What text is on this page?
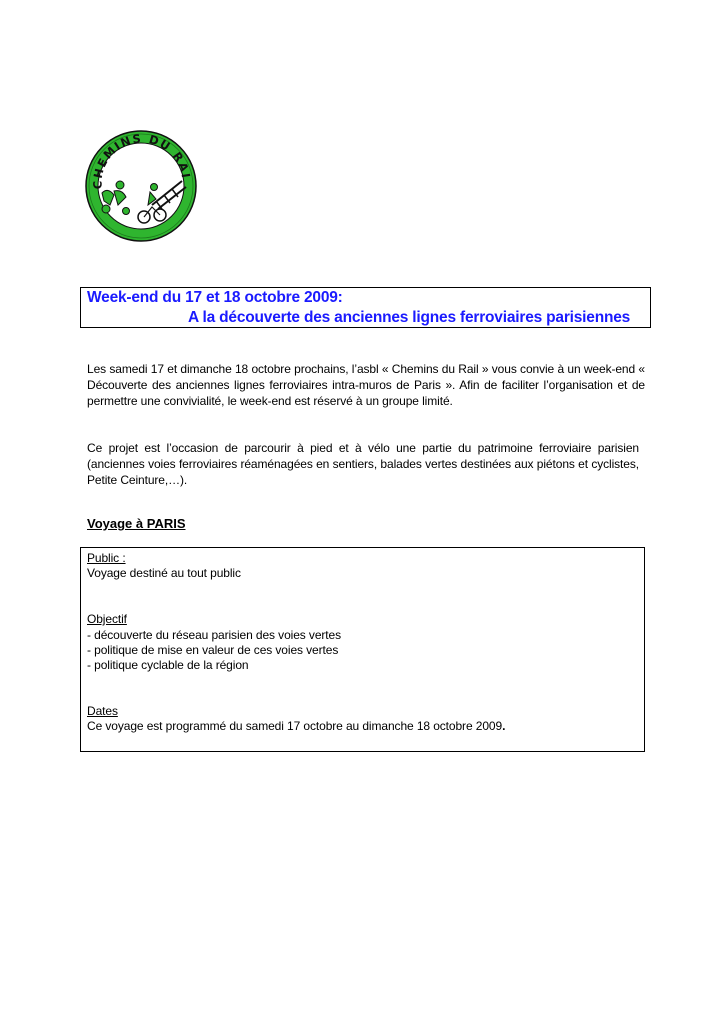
CHEMINS DU RAI
Week-end du 17 et 18 octobre 2009:
A la découverte des anciennes lignes ferroviaires parisiennes
Les samedi 17 et dimanche 18 octobre prochains, l’asbl « Chemins du Rail » vous convie à un week-end « Découverte des anciennes lignes ferroviaires intra-muros de Paris ». Afin de faciliter l’organisation et de permettre une convivialité, le week-end est réservé à un groupe limité.
Ce projet est l’occasion de parcourir à pied et à vélo une partie du patrimoine ferroviaire parisien (anciennes voies ferroviaires réaménagées en sentiers, balades vertes destinées aux piétons et cyclistes, Petite Ceinture,…).
Voyage à PARIS
Public :
Voyage destiné au tout public
Objectif
- découverte du réseau parisien des voies vertes
- politique de mise en valeur de ces voies vertes
- politique cyclable de la région
Dates
Ce voyage est programmé du samedi 17 octobre au dimanche 18 octobre 2009.
